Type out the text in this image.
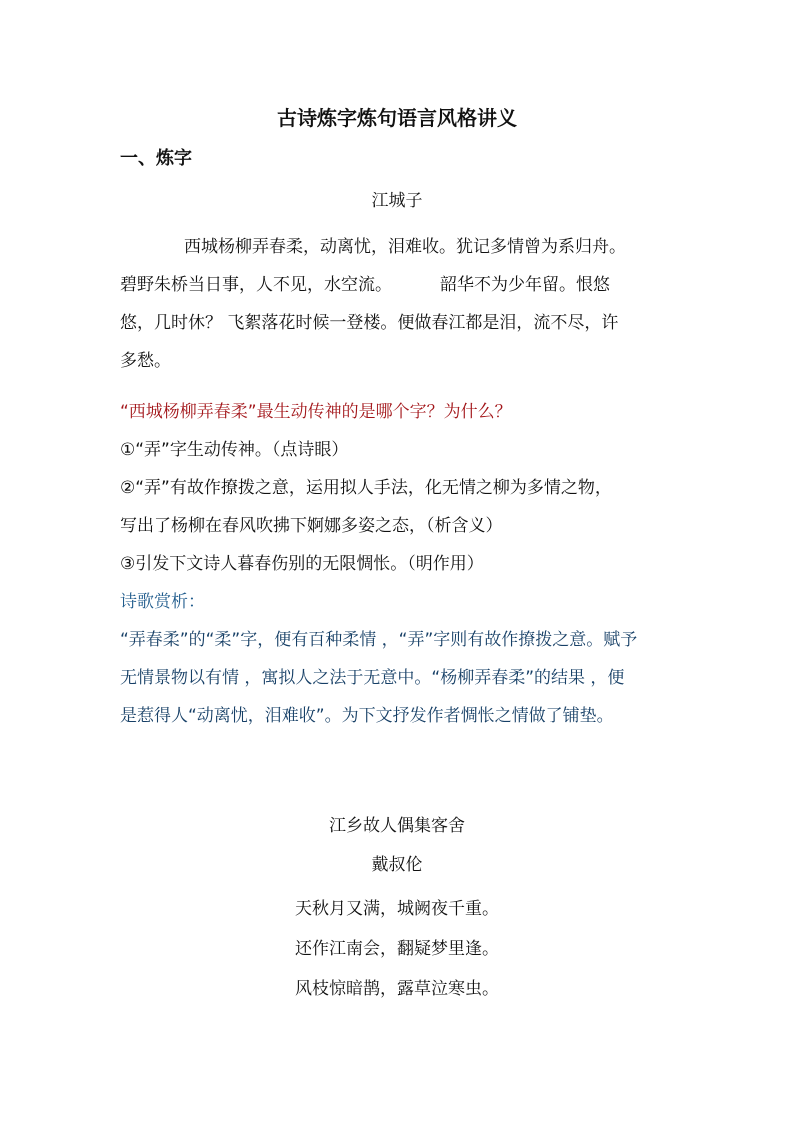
古诗炼字炼句语言风格讲义
一、炼字
江城子
西城杨柳弄春柔，动离忧，泪难收。犹记多情曾为系归舟。
碧野朱桥当日事，人不见，水空流。	韶华不为少年留。恨悠
悠，几时休？ 飞絮落花时候一登楼。便做春江都是泪，流不尽，许
多愁。
“西城杨柳弄春柔”最生动传神的是哪个字？为什么？
①“弄”字生动传神。（点诗眼）
②“弄”有故作撩拨之意，运用拟人手法，化无情之柳为多情之物，
写出了杨柳在春风吹拂下婀娜多姿之态，（析含义）
③引发下文诗人暮春伤别的无限惆怅。（明作用）
诗歌赏析：
“弄春柔”的“柔”字，便有百种柔情 ，“弄”字则有故作撩拨之意。赋予
无情景物以有情 ，寓拟人之法于无意中。“杨柳弄春柔”的结果 ，便
是惹得人“动离忧，泪难收”。为下文抒发作者惆怅之情做了铺垫。
江乡故人偶集客舍
戴叔伦
天秋月又满，城阙夜千重。
还作江南会，翻疑梦里逢。
风枝惊暗鹊，露草泣寒虫。
